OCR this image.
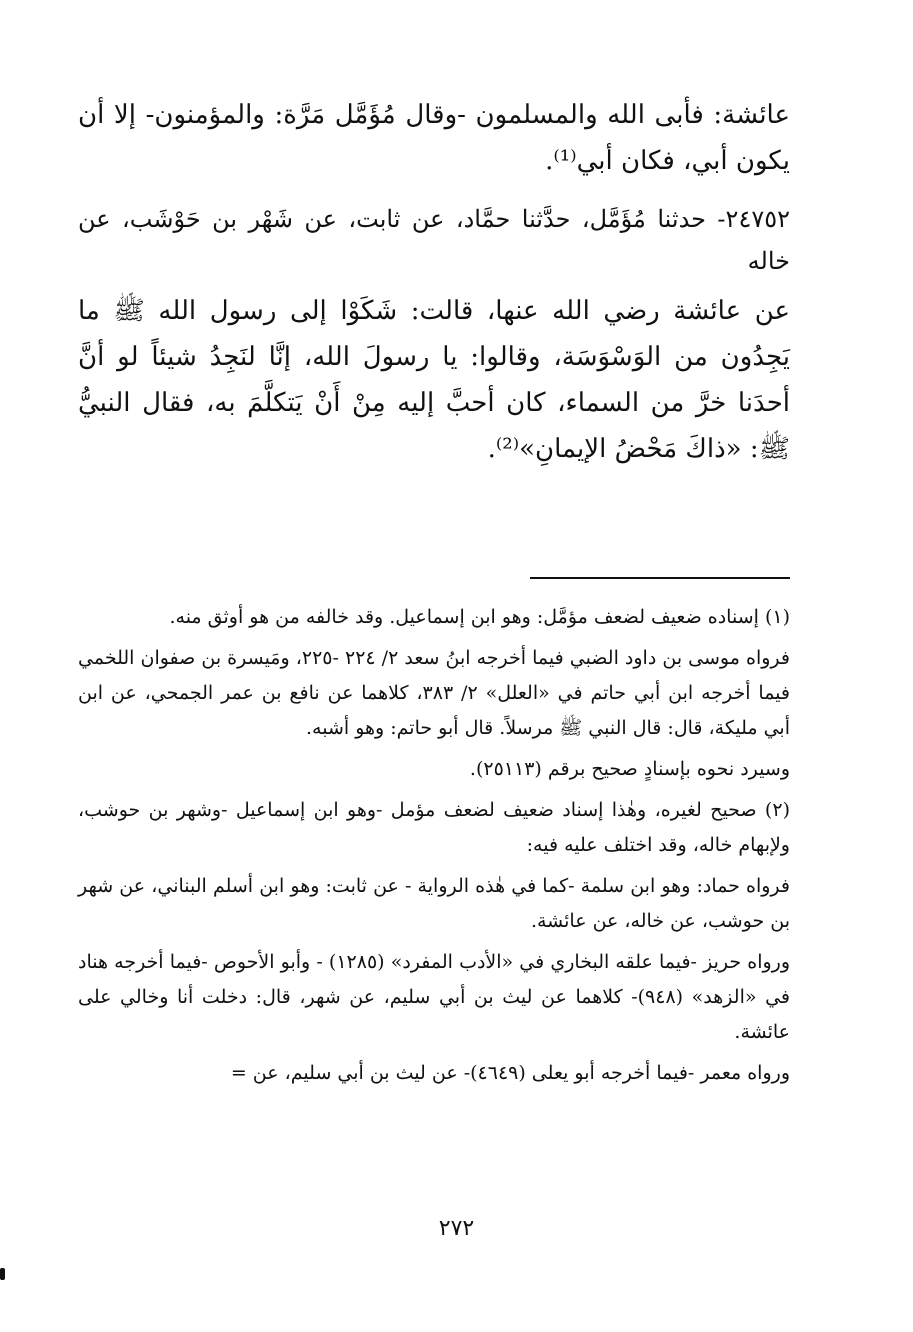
عائشة: فأبى الله والمسلمون -وقال مُؤَمَّل مَرَّة: والمؤمنون- إلا أن يكون أبي، فكان أبي⁽¹⁾.

٢٤٧٥٢- حدثنا مُؤَمَّل، حدَّثنا حمَّاد، عن ثابت، عن شَهْر بن حَوْشَب، عن خاله

عن عائشة رضي الله عنها، قالت: شَكَوْا إلى رسول الله ﷺ ما يَجِدُون من الوَسْوَسَة، وقالوا: يا رسولَ الله، إنَّا لنَجِدُ شيئاً لو أنَّ أحدَنا خرَّ من السماء، كان أحبَّ إليه مِنْ أَنْ يَتكلَّمَ به، فقال النبيُّ ﷺ: «ذاكَ مَحْضُ الإيمانِ»⁽²⁾.

(١) إسناده ضعيف لضعف مؤمَّل: وهو ابن إسماعيل. وقد خالفه من هو أوثق منه.

فرواه موسى بن داود الضبي فيما أخرجه ابنُ سعد ٢/ ٢٢٤ -٢٢٥، ومَيسرة بن صفوان اللخمي فيما أخرجه ابن أبي حاتم في «العلل» ٢/ ٣٨٣، كلاهما عن نافع بن عمر الجمحي، عن ابن أبي مليكة، قال: قال النبي ﷺ مرسلاً. قال أبو حاتم: وهو أشبه.

وسيرد نحوه بإسنادٍ صحيح برقم (٢٥١١٣).

(٢) صحيح لغيره، وهٰذا إسناد ضعيف لضعف مؤمل -وهو ابن إسماعيل -وشهر بن حوشب، ولإبهام خاله، وقد اختلف عليه فيه:

فرواه حماد: وهو ابن سلمة -كما في هٰذه الرواية - عن ثابت: وهو ابن أسلم البناني، عن شهر بن حوشب، عن خاله، عن عائشة.

ورواه حريز -فيما علقه البخاري في «الأدب المفرد» (١٢٨٥) - وأبو الأحوص -فيما أخرجه هناد في «الزهد» (٩٤٨)- كلاهما عن ليث بن أبي سليم، عن شهر، قال: دخلت أنا وخالي على عائشة.

ورواه معمر -فيما أخرجه أبو يعلى (٤٦٤٩)- عن ليث بن أبي سليم، عن =

٢٧٢
